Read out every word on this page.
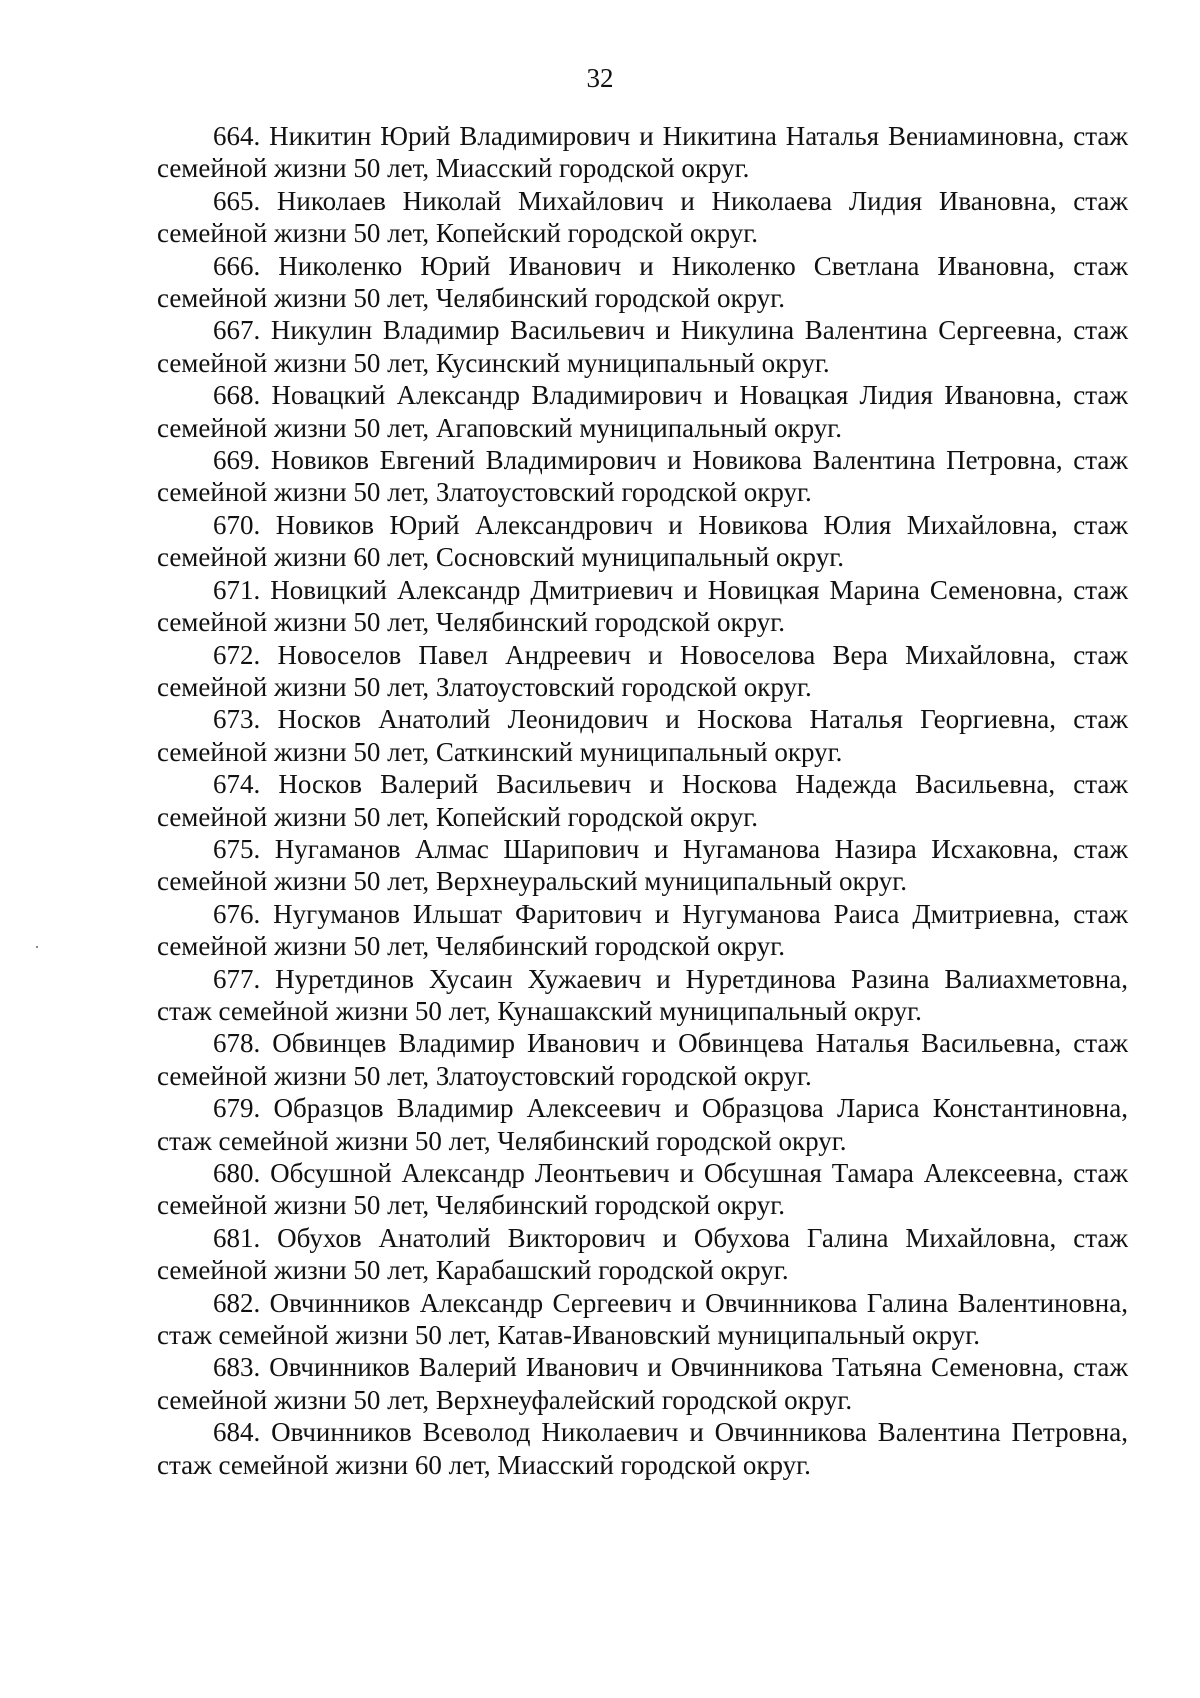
32

664. Никитин Юрий Владимирович и Никитина Наталья Вениаминовна, стаж семейной жизни 50 лет, Миасский городской округ.

665. Николаев Николай Михайлович и Николаева Лидия Ивановна, стаж семейной жизни 50 лет, Копейский городской округ.

666. Николенко Юрий Иванович и Николенко Светлана Ивановна, стаж семейной жизни 50 лет, Челябинский городской округ.

667. Никулин Владимир Васильевич и Никулина Валентина Сергеевна, стаж семейной жизни 50 лет, Кусинский муниципальный округ.

668. Новацкий Александр Владимирович и Новацкая Лидия Ивановна, стаж семейной жизни 50 лет, Агаповский муниципальный округ.

669. Новиков Евгений Владимирович и Новикова Валентина Петровна, стаж семейной жизни 50 лет, Златоустовский городской округ.

670. Новиков Юрий Александрович и Новикова Юлия Михайловна, стаж семейной жизни 60 лет, Сосновский муниципальный округ.

671. Новицкий Александр Дмитриевич и Новицкая Марина Семеновна, стаж семейной жизни 50 лет, Челябинский городской округ.

672. Новоселов Павел Андреевич и Новоселова Вера Михайловна, стаж семейной жизни 50 лет, Златоустовский городской округ.

673. Носков Анатолий Леонидович и Носкова Наталья Георгиевна, стаж семейной жизни 50 лет, Саткинский муниципальный округ.

674. Носков Валерий Васильевич и Носкова Надежда Васильевна, стаж семейной жизни 50 лет, Копейский городской округ.

675. Нугаманов Алмас Шарипович и Нугаманова Назира Исхаковна, стаж семейной жизни 50 лет, Верхнеуральский муниципальный округ.

676. Нугуманов Ильшат Фаритович и Нугуманова Раиса Дмитриевна, стаж семейной жизни 50 лет, Челябинский городской округ.

677. Нуретдинов Хусаин Хужаевич и Нуретдинова Разина Валиахметовна, стаж семейной жизни 50 лет, Кунашакский муниципальный округ.

678. Обвинцев Владимир Иванович и Обвинцева Наталья Васильевна, стаж семейной жизни 50 лет, Златоустовский городской округ.

679. Образцов Владимир Алексеевич и Образцова Лариса Константиновна, стаж семейной жизни 50 лет, Челябинский городской округ.

680. Обсушной Александр Леонтьевич и Обсушная Тамара Алексеевна, стаж семейной жизни 50 лет, Челябинский городской округ.

681. Обухов Анатолий Викторович и Обухова Галина Михайловна, стаж семейной жизни 50 лет, Карабашский городской округ.

682. Овчинников Александр Сергеевич и Овчинникова Галина Валентиновна, стаж семейной жизни 50 лет, Катав-Ивановский муниципальный округ.

683. Овчинников Валерий Иванович и Овчинникова Татьяна Семеновна, стаж семейной жизни 50 лет, Верхнеуфалейский городской округ.

684. Овчинников Всеволод Николаевич и Овчинникова Валентина Петровна, стаж семейной жизни 60 лет, Миасский городской округ.
